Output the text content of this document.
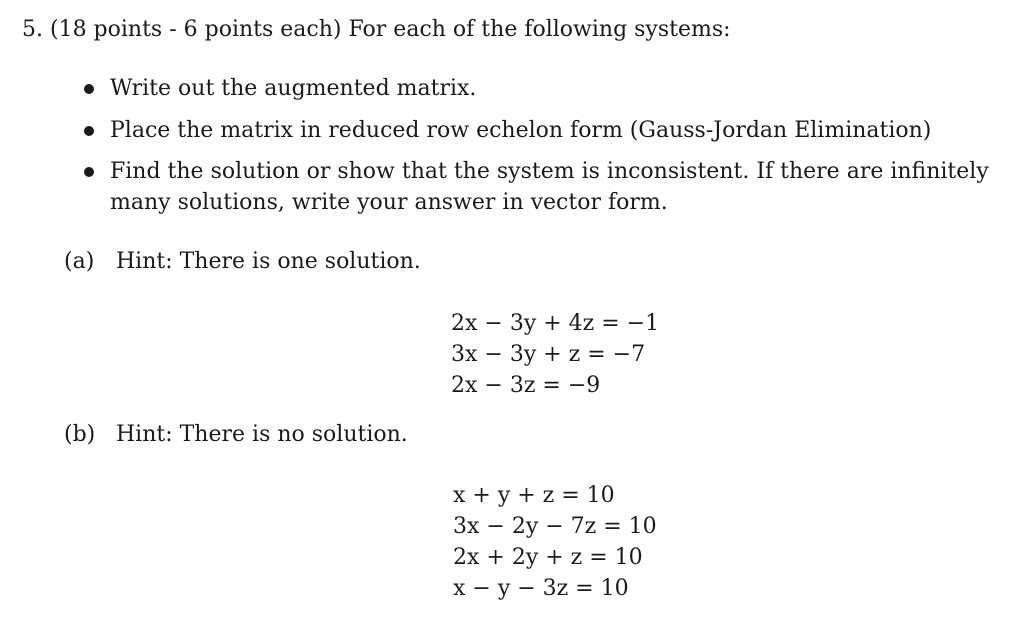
5. (18 points - 6 points each) For each of the following systems:
Write out the augmented matrix.
Place the matrix in reduced row echelon form (Gauss-Jordan Elimination)
Find the solution or show that the system is inconsistent. If there are infinitely many solutions, write your answer in vector form.
(a) Hint: There is one solution.
2x − 3y + 4z = −1
3x − 3y + z = −7
2x − 3z = −9
(b) Hint: There is no solution.
x + y + z = 10
3x − 2y − 7z = 10
2x + 2y + z = 10
x − y − 3z = 10
